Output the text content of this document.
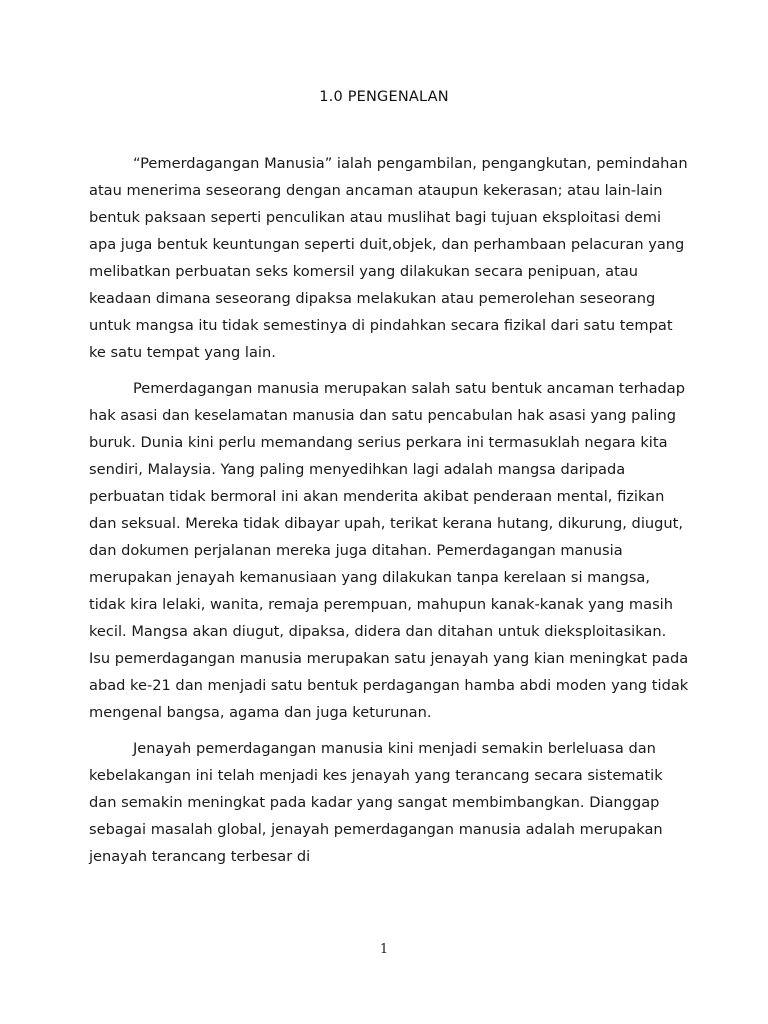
1.0 PENGENALAN

“Pemerdagangan Manusia” ialah pengambilan, pengangkutan, pemindahan atau menerima seseorang dengan ancaman ataupun kekerasan; atau lain-lain bentuk paksaan seperti penculikan atau muslihat bagi tujuan eksploitasi demi apa juga bentuk keuntungan seperti duit,objek, dan perhambaan pelacuran yang melibatkan perbuatan seks komersil yang dilakukan secara penipuan, atau keadaan dimana seseorang dipaksa melakukan atau pemerolehan seseorang untuk mangsa itu tidak semestinya di pindahkan secara fizikal dari satu tempat ke satu tempat yang lain.

Pemerdagangan manusia merupakan salah satu bentuk ancaman terhadap hak asasi dan keselamatan manusia dan satu pencabulan hak asasi yang paling buruk. Dunia kini perlu memandang serius perkara ini termasuklah negara kita sendiri, Malaysia. Yang paling menyedihkan lagi adalah mangsa daripada perbuatan tidak bermoral ini akan menderita akibat penderaan mental, fizikan dan seksual. Mereka tidak dibayar upah, terikat kerana hutang, dikurung, diugut, dan dokumen perjalanan mereka juga ditahan. Pemerdagangan manusia merupakan jenayah kemanusiaan yang dilakukan tanpa kerelaan si mangsa, tidak kira lelaki, wanita, remaja perempuan, mahupun kanak-kanak yang masih kecil. Mangsa akan diugut, dipaksa, didera dan ditahan untuk dieksploitasikan. Isu pemerdagangan manusia merupakan satu jenayah yang kian meningkat pada abad ke-21 dan menjadi satu bentuk perdagangan hamba abdi moden yang tidak mengenal bangsa, agama dan juga keturunan.

Jenayah pemerdagangan manusia kini menjadi semakin berleluasa dan kebelakangan ini telah menjadi kes jenayah yang terancang secara sistematik dan semakin meningkat pada kadar yang sangat membimbangkan. Dianggap sebagai masalah global, jenayah pemerdagangan manusia adalah merupakan jenayah terancang terbesar di

1
